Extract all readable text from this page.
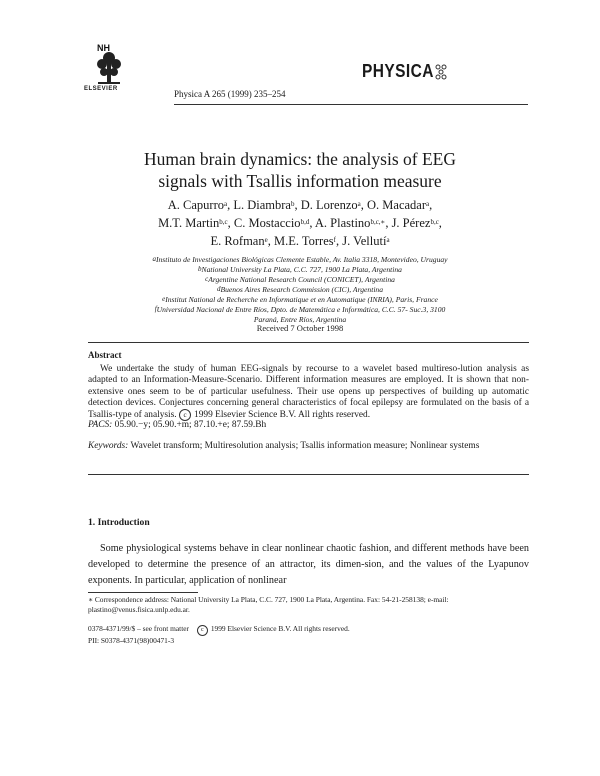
NH
ELSEVIER	Physica A 265 (1999) 235–254
PHYSICA
Human brain dynamics: the analysis of EEG
signals with Tsallis information measure
A. Capurro$^a$, L. Diambra$^b$, D. Lorenzo$^a$, O. Macadar$^a$,
M.T. Martin$^{b,c}$, C. Mostaccio$^{b,d}$, A. Plastino$^{b,c,∗}$, J. Pérez$^{b,c}$,
E. Rofman$^e$, M.E. Torres$^f$, J. Vellutí$^a$
$^a$Instituto de Investigaciones Biológicas Clemente Estable, Av. Italia 3318, Montevideo, Uruguay
$^b$National University La Plata, C.C. 727, 1900 La Plata, Argentina
$^c$Argentine National Research Council (CONICET), Argentina
$^d$Buenos Aires Research Commission (CIC), Argentina
$^e$Institut National de Recherche en Informatique et en Automatique (INRIA), Paris, France
$^f$Universidad Nacional de Entre Ríos, Dpto. de Matemática e Informática, C.C. 57- Suc.3, 3100
Paraná, Entre Ríos, Argentina
Received 7 October 1998
Abstract
We undertake the study of human EEG-signals by recourse to a wavelet based multireso-lution analysis as adapted to an Information-Measure-Scenario. Different information measures are employed. It is shown that non-extensive ones seem to be of particular usefulness. Their use opens up perspectives of building up automatic detection devices. Conjectures concerning general characteristics of focal epilepsy are formulated on the basis of a Tsallis-type of analysis. c 1999 Elsevier Science B.V. All rights reserved.
PACS: 05.90.−y; 05.90.+m; 87.10.+e; 87.59.Bh
Keywords: Wavelet transform; Multiresolution analysis; Tsallis information measure; Nonlinear systems
1. Introduction
Some physiological systems behave in clear nonlinear chaotic fashion, and different methods have been developed to determine the presence of an attractor, its dimen-sion, and the values of the Lyapunov exponents. In particular, application of nonlinear
∗ Correspondence address: National University La Plata, C.C. 727, 1900 La Plata, Argentina. Fax: 54-21-258138; e-mail: plastino@venus.fisica.unlp.edu.ar.
0378-4371/99/$ – see front matter c 1999 Elsevier Science B.V. All rights reserved.
PII: S0378-4371(98)00471-3
